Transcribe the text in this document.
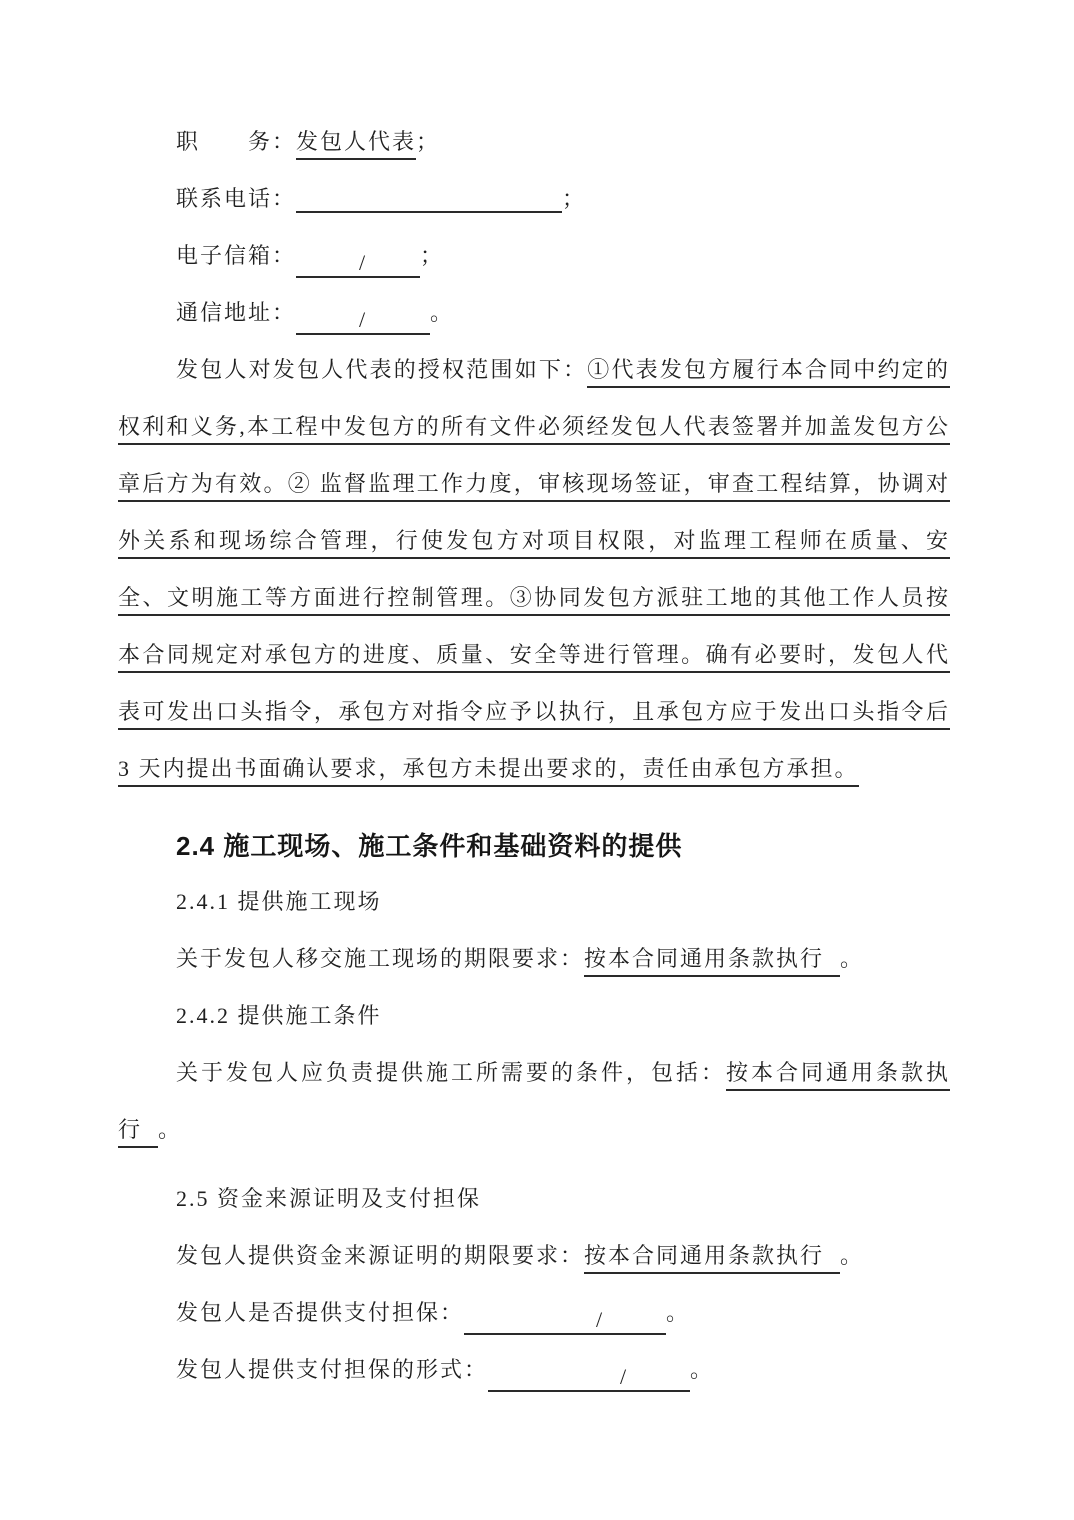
职　　务：发包人代表；

联系电话：	；

电子信箱：	/ ；

通信地址：	/	。

发包人对发包人代表的授权范围如下：①代表发包方履行本合同中约定的权利和义务,本工程中发包方的所有文件必须经发包人代表签署并加盖发包方公章后方为有效。② 监督监理工作力度，审核现场签证，审查工程结算，协调对外关系和现场综合管理，行使发包方对项目权限，对监理工程师在质量、安全、文明施工等方面进行控制管理。③协同发包方派驻工地的其他工作人员按本合同规定对承包方的进度、质量、安全等进行管理。确有必要时，发包人代表可发出口头指令，承包方对指令应予以执行，且承包方应于发出口头指令后 3 天内提出书面确认要求，承包方未提出要求的，责任由承包方承担。

2.4 施工现场、施工条件和基础资料的提供

2.4.1 提供施工现场

关于发包人移交施工现场的期限要求：按本合同通用条款执行 。

2.4.2 提供施工条件

关于发包人应负责提供施工所需要的条件，包括：按本合同通用条款执行 。

2.5 资金来源证明及支付担保

发包人提供资金来源证明的期限要求：按本合同通用条款执行 。

发包人是否提供支付担保：	/	。

发包人提供支付担保的形式：	/	。
